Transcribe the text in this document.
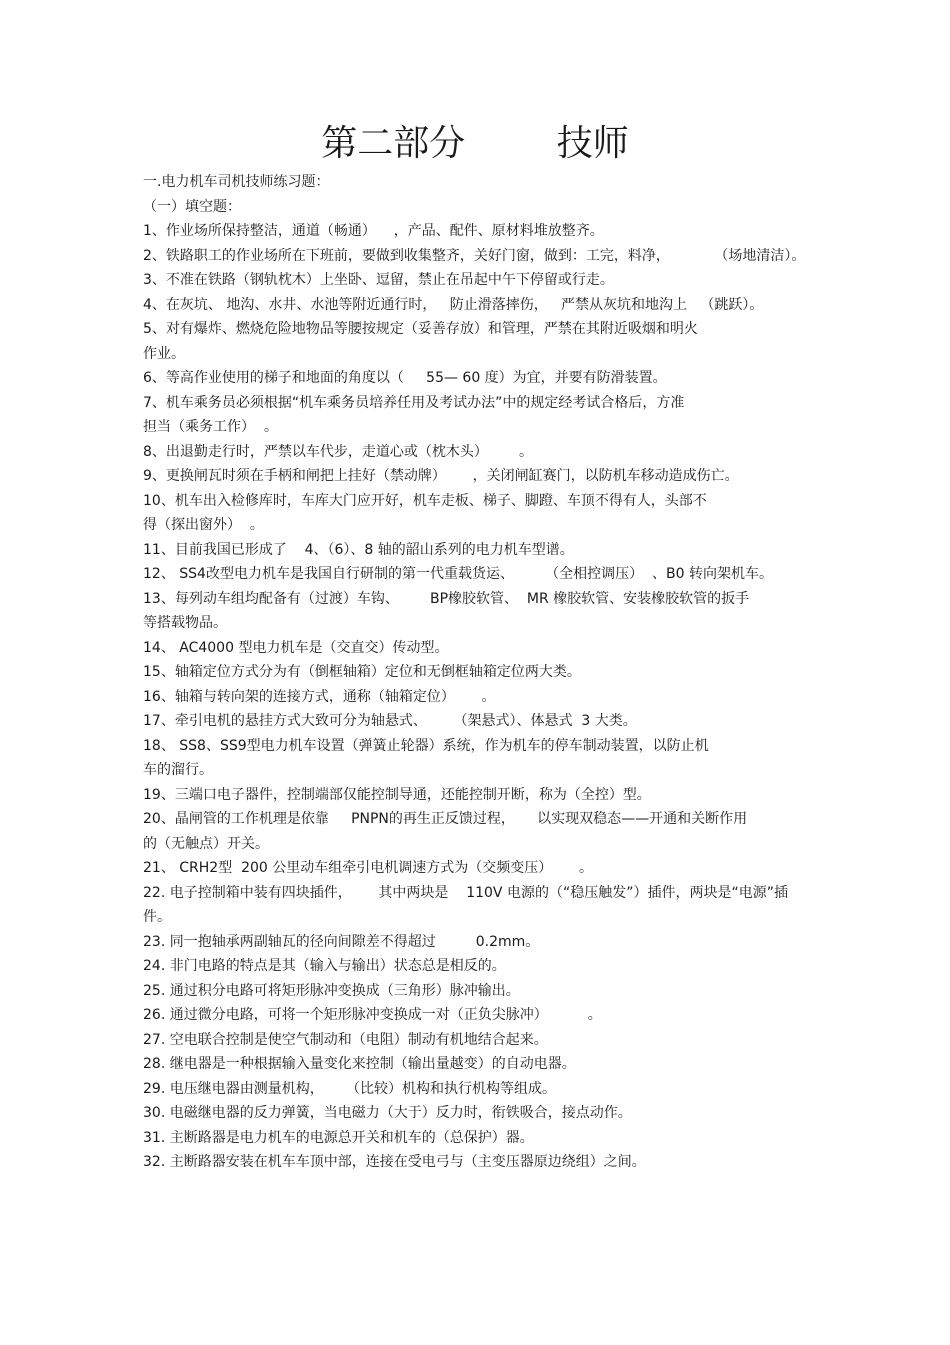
第二部分        技师
一.电力机车司机技师练习题：
（一）填空题：
1、作业场所保持整洁，通道（畅通）    ，产品、配件、原材料堆放整齐。
2、铁路职工的作业场所在下班前，要做到收集整齐，关好门窗，做到：工完，料净，          （场地清洁）。
3、不准在铁路（钢轨枕木）上坐卧、逗留，禁止在吊起中午下停留或行走。
4、在灰坑、 地沟、水井、水池等附近通行时，   防止滑落摔伤，   严禁从灰坑和地沟上   （跳跃）。
5、对有爆炸、燃烧危险地物品等腰按规定（妥善存放）和管理，严禁在其附近吸烟和明火
作业。
6、等高作业使用的梯子和地面的角度以（     55— 60 度）为宜，并要有防滑装置。
7、机车乘务员必须根据“机车乘务员培养任用及考试办法”中的规定经考试合格后，方准
担当（乘务工作）  。
8、出退勤走行时，严禁以车代步，走道心或（枕木头）       。
9、更换闸瓦时须在手柄和闸把上挂好（禁动牌）      ，关闭闸缸赛门，以防机车移动造成伤亡。
10、机车出入检修库时，车库大门应开好，机车走板、梯子、脚蹬、车顶不得有人，头部不
得（探出窗外）  。
11、目前我国已形成了    4、（6）、8 轴的韶山系列的电力机车型谱。
12、 SS4改型电力机车是我国自行研制的第一代重载货运、       （全相控调压）  、B0 转向架机车。
13、每列动车组均配备有（过渡）车钩、       BP橡胶软管、  MR 橡胶软管、安装橡胶软管的扳手
等搭载物品。
14、 AC4000 型电力机车是（交直交）传动型。
15、轴箱定位方式分为有（倒框轴箱）定位和无倒框轴箱定位两大类。
16、轴箱与转向架的连接方式，通称（轴箱定位）      。
17、牵引电机的悬挂方式大致可分为轴悬式、      （架悬式）、体悬式  3 大类。
18、 SS8、SS9型电力机车设置（弹簧止轮器）系统，作为机车的停车制动装置，以防止机
车的溜行。
19、三端口电子器件，控制端部仅能控制导通，还能控制开断，称为（全控）型。
20、晶闸管的工作机理是依靠     PNPN的再生正反馈过程，     以实现双稳态——开通和关断作用
的（无触点）开关。
21、 CRH2型  200 公里动车组牵引电机调速方式为（交频变压）      。
22. 电子控制箱中装有四块插件，      其中两块是    110V 电源的（“稳压触发”）插件，两块是“电源”插件。
23. 同一抱轴承两副轴瓦的径向间隙差不得超过         0.2mm。
24. 非门电路的特点是其（输入与输出）状态总是相反的。
25. 通过积分电路可将矩形脉冲变换成（三角形）脉冲输出。
26. 通过微分电路，可将一个矩形脉冲变换成一对（正负尖脉冲）         。
27. 空电联合控制是使空气制动和（电阻）制动有机地结合起来。
28. 继电器是一种根据输入量变化来控制（输出量越变）的自动电器。
29. 电压继电器由测量机构，     （比较）机构和执行机构等组成。
30. 电磁继电器的反力弹簧，当电磁力（大于）反力时，衔铁吸合，接点动作。
31. 主断路器是电力机车的电源总开关和机车的（总保护）器。
32. 主断路器安装在机车车顶中部，连接在受电弓与（主变压器原边绕组）之间。
